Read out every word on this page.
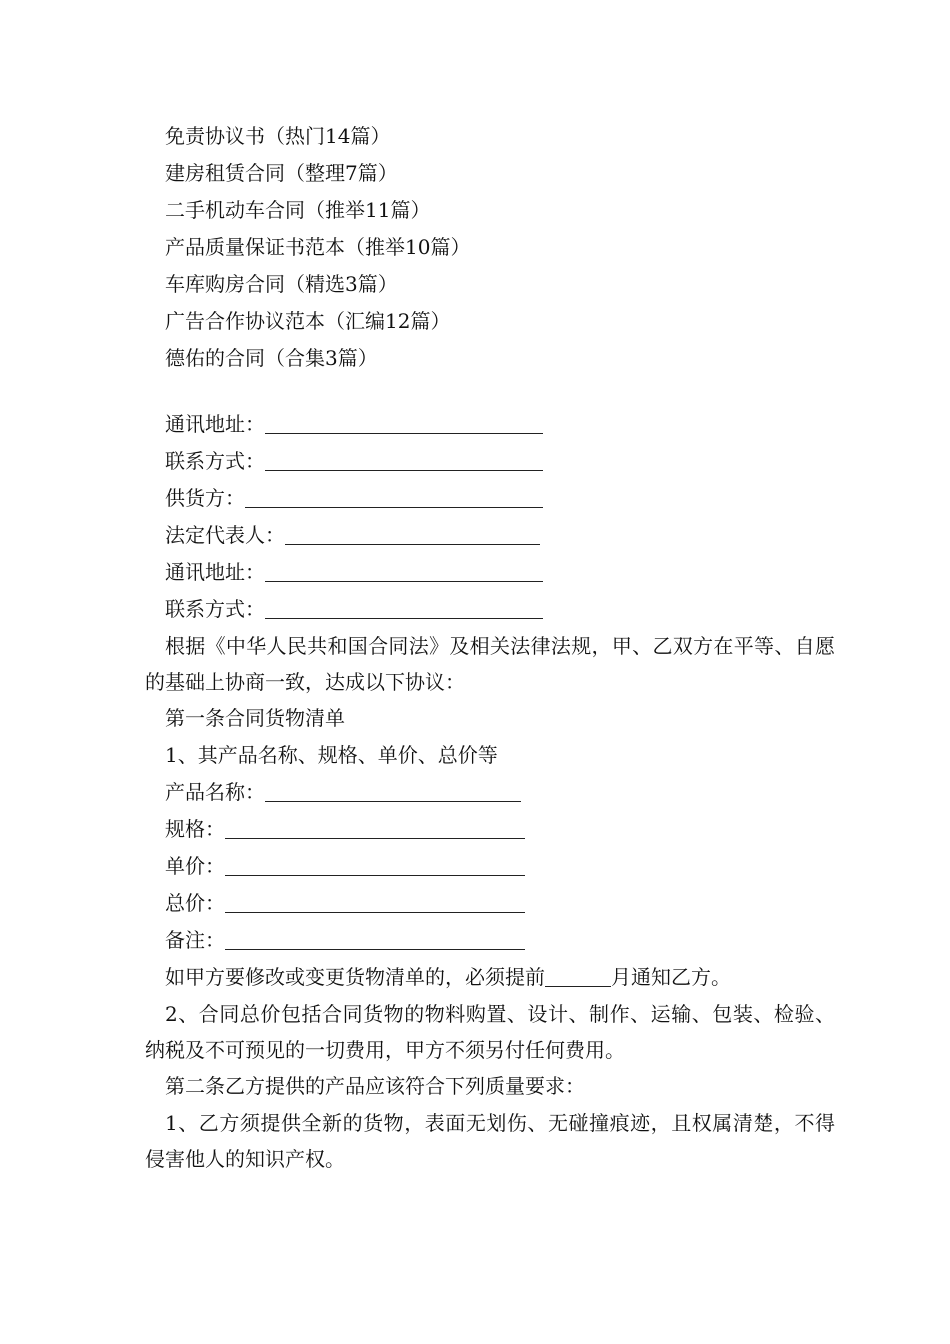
免责协议书（热门14篇）

建房租赁合同（整理7篇）

二手机动车合同（推举11篇）

产品质量保证书范本（推举10篇）

车库购房合同（精选3篇）

广告合作协议范本（汇编12篇）

德佑的合同（合集3篇）

通讯地址：

联系方式：

供货方：

法定代表人：

通讯地址：

联系方式：

根据《中华人民共和国合同法》及相关法律法规，甲、乙双方在平等、自愿的基础上协商一致，达成以下协议：

第一条合同货物清单

1、其产品名称、规格、单价、总价等

产品名称：

规格：

单价：

总价：

备注：

如甲方要修改或变更货物清单的，必须提前	月通知乙方。

2、合同总价包括合同货物的物料购置、设计、制作、运输、包装、检验、纳税及不可预见的一切费用，甲方不须另付任何费用。

第二条乙方提供的产品应该符合下列质量要求：

1、乙方须提供全新的货物，表面无划伤、无碰撞痕迹，且权属清楚，不得侵害他人的知识产权。
